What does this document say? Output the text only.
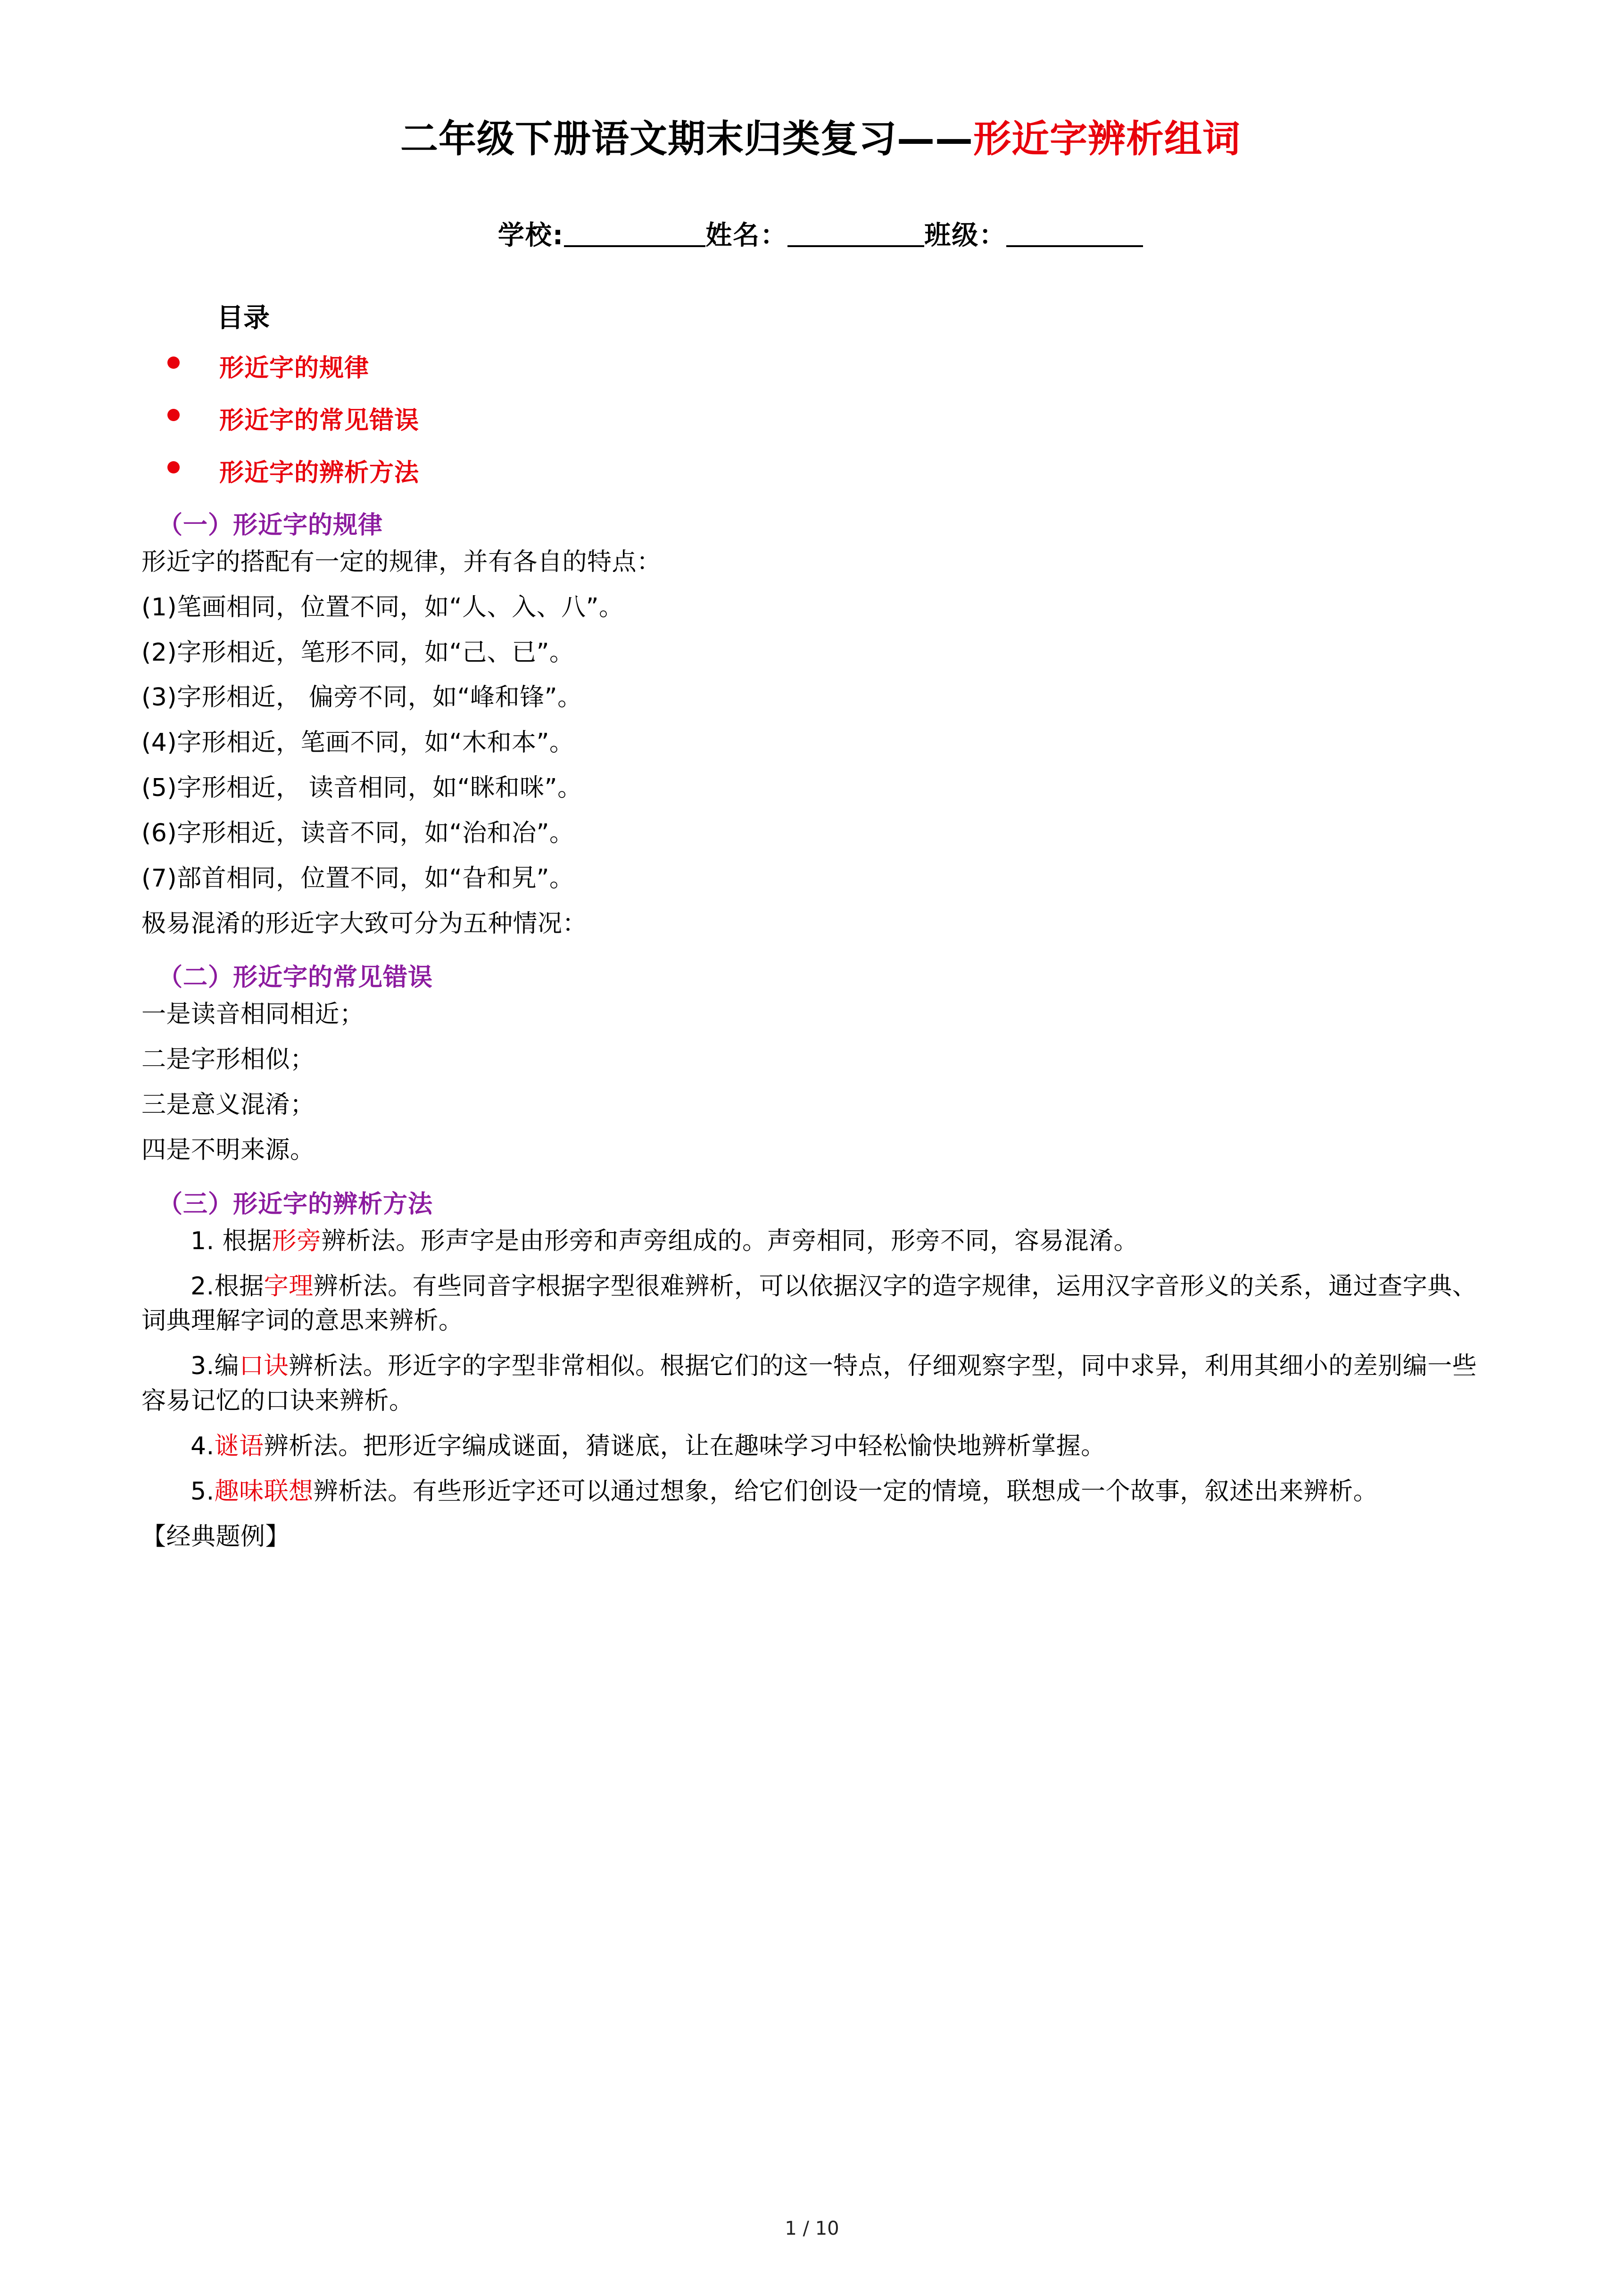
二年级下册语文期末归类复习——形近字辨析组词
学校:	姓名：	班级：
目录
形近字的规律
形近字的常见错误
形近字的辨析方法
（一）形近字的规律

形近字的搭配有一定的规律，并有各自的特点：

(1)笔画相同，位置不同，如“人、入、八”。

(2)字形相近，笔形不同，如“己、已”。

(3)字形相近， 偏旁不同，如“峰和锋”。

(4)字形相近，笔画不同，如“木和本”。

(5)字形相近， 读音相同，如“眯和咪”。

(6)字形相近，读音不同，如“治和冶”。

(7)部首相同，位置不同，如“旮和旯”。

极易混淆的形近字大致可分为五种情况：

（二）形近字的常见错误

一是读音相同相近；

二是字形相似；

三是意义混淆；

四是不明来源。

（三）形近字的辨析方法

1. 根据形旁辨析法。形声字是由形旁和声旁组成的。声旁相同，形旁不同，容易混淆。

2.根据字理辨析法。有些同音字根据字型很难辨析，可以依据汉字的造字规律，运用汉字音形义的关系，通过查字典、词典理解字词的意思来辨析。

3.编口诀辨析法。形近字的字型非常相似。根据它们的这一特点，仔细观察字型，同中求异，利用其细小的差别编一些容易记忆的口诀来辨析。

4.谜语辨析法。把形近字编成谜面，猜谜底，让在趣味学习中轻松愉快地辨析掌握。

5.趣味联想辨析法。有些形近字还可以通过想象，给它们创设一定的情境，联想成一个故事，叙述出来辨析。

【经典题例】

1 / 10
